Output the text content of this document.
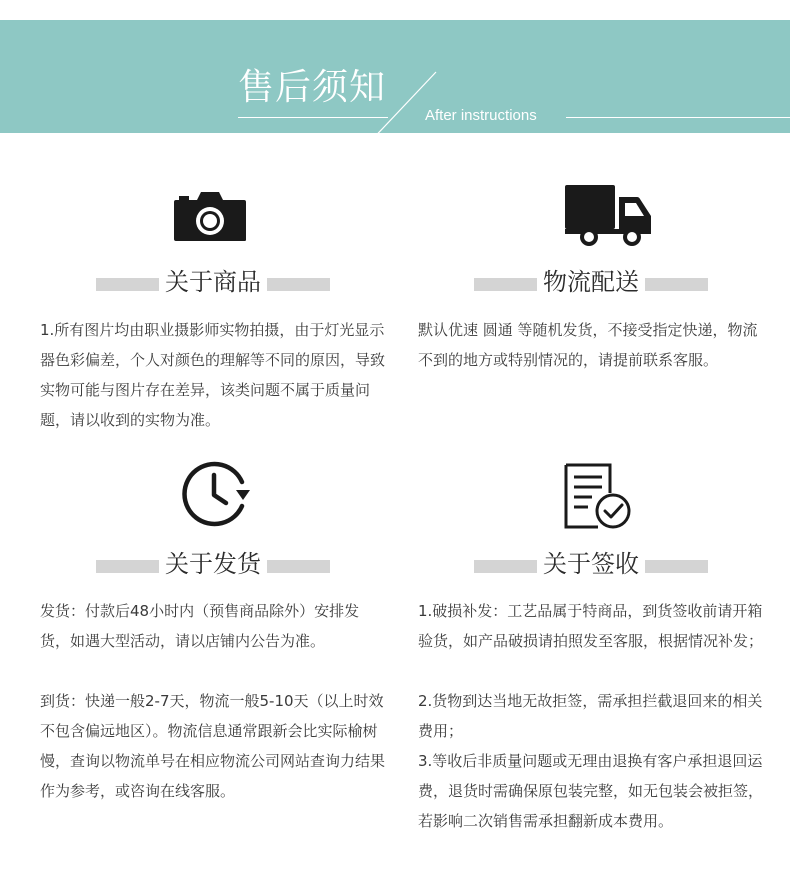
售后须知
After instructions
关于商品
1.所有图片均由职业摄影师实物拍摄，由于灯光显示器色彩偏差，个人对颜色的理解等不同的原因，导致实物可能与图片存在差异，该类问题不属于质量问题，请以收到的实物为准。
物流配送
默认优速 圆通 等随机发货，不接受指定快递，物流不到的地方或特别情况的，请提前联系客服。
关于发货
发货：付款后48小时内（预售商品除外）安排发货，如遇大型活动，请以店铺内公告为准。
到货：快递一般2-7天，物流一般5-10天（以上时效不包含偏远地区）。物流信息通常跟新会比实际榆树慢，查询以物流单号在相应物流公司网站查询力结果作为参考，或咨询在线客服。
关于签收
1.破损补发：工艺品属于特商品，到货签收前请开箱验货，如产品破损请拍照发至客服，根据情况补发；
2.货物到达当地无故拒签，需承担拦截退回来的相关费用；
3.等收后非质量问题或无理由退换有客户承担退回运费，退货时需确保原包装完整，如无包装会被拒签，若影响二次销售需承担翻新成本费用。
